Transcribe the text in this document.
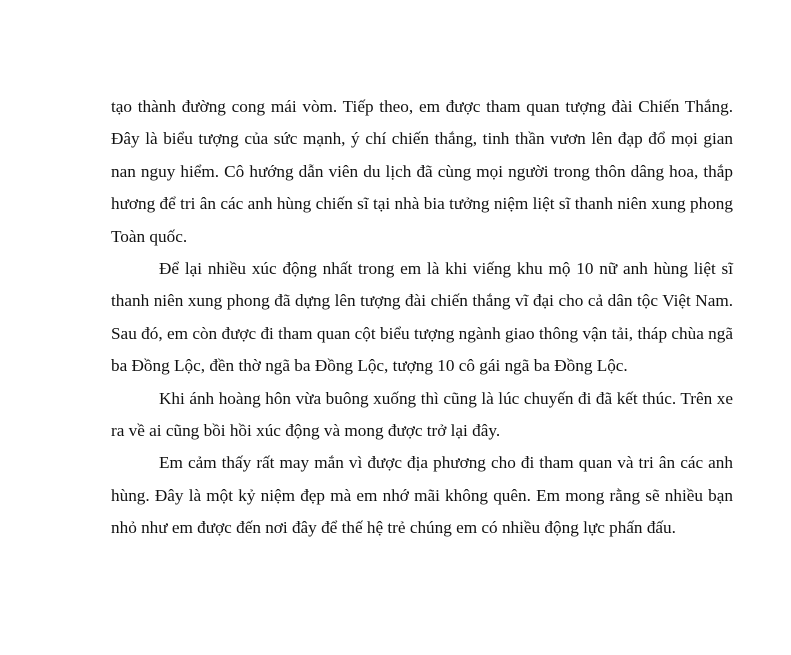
tạo thành đường cong mái vòm. Tiếp theo, em được tham quan tượng đài Chiến Thắng. Đây là biểu tượng của sức mạnh, ý chí chiến thắng, tinh thần vươn lên đạp đổ mọi gian nan nguy hiểm. Cô hướng dẫn viên du lịch đã cùng mọi người trong thôn dâng hoa, thắp hương để tri ân các anh hùng chiến sĩ tại nhà bia tưởng niệm liệt sĩ thanh niên xung phong Toàn quốc.

Để lại nhiều xúc động nhất trong em là khi viếng khu mộ 10 nữ anh hùng liệt sĩ thanh niên xung phong đã dựng lên tượng đài chiến thắng vĩ đại cho cả dân tộc Việt Nam. Sau đó, em còn được đi tham quan cột biểu tượng ngành giao thông vận tải, tháp chùa ngã ba Đồng Lộc, đền thờ ngã ba Đồng Lộc, tượng 10 cô gái ngã ba Đồng Lộc.

Khi ánh hoàng hôn vừa buông xuống thì cũng là lúc chuyến đi đã kết thúc. Trên xe ra về ai cũng bồi hồi xúc động và mong được trở lại đây.

Em cảm thấy rất may mắn vì được địa phương cho đi tham quan và tri ân các anh hùng. Đây là một kỷ niệm đẹp mà em nhớ mãi không quên. Em mong rằng sẽ nhiều bạn nhỏ như em được đến nơi đây để thế hệ trẻ chúng em có nhiều động lực phấn đấu.
